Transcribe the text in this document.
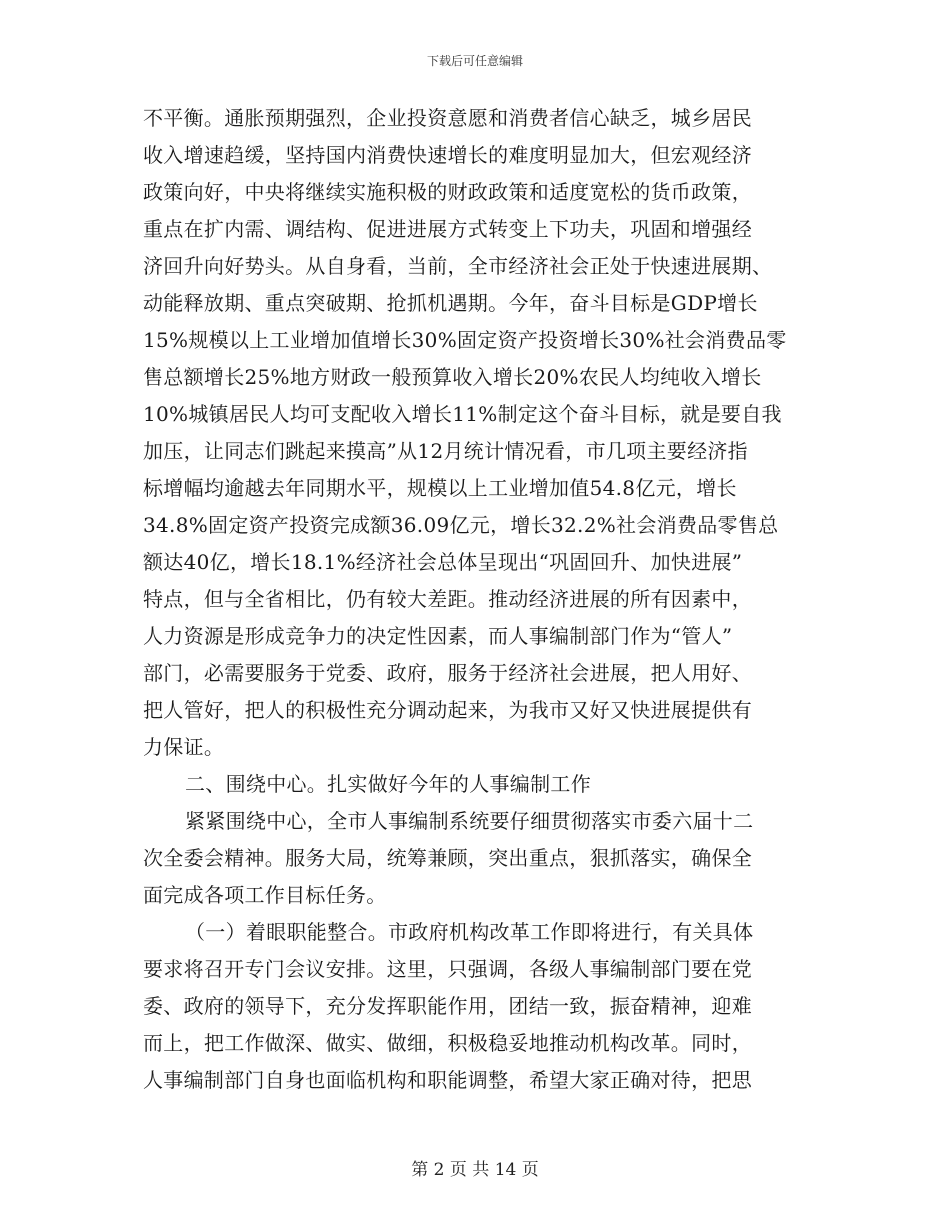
下载后可任意编辑
不平衡。通胀预期强烈，企业投资意愿和消费者信心缺乏，城乡居民
收入增速趋缓，坚持国内消费快速增长的难度明显加大，但宏观经济
政策向好，中央将继续实施积极的财政政策和适度宽松的货币政策，
重点在扩内需、调结构、促进进展方式转变上下功夫，巩固和增强经
济回升向好势头。从自身看，当前，全市经济社会正处于快速进展期、
动能释放期、重点突破期、抢抓机遇期。今年，奋斗目标是GDP增长
15%规模以上工业增加值增长30%固定资产投资增长30%社会消费品零
售总额增长25%地方财政一般预算收入增长20%农民人均纯收入增长
10%城镇居民人均可支配收入增长11%制定这个奋斗目标，就是要自我
加压，让同志们跳起来摸高”从12月统计情况看，市几项主要经济指
标增幅均逾越去年同期水平，规模以上工业增加值54.8亿元，增长
34.8%固定资产投资完成额36.09亿元，增长32.2%社会消费品零售总
额达40亿，增长18.1%经济社会总体呈现出“巩固回升、加快进展”
特点，但与全省相比，仍有较大差距。推动经济进展的所有因素中，
人力资源是形成竞争力的决定性因素，而人事编制部门作为“管人”
部门，必需要服务于党委、政府，服务于经济社会进展，把人用好、
把人管好，把人的积极性充分调动起来，为我市又好又快进展提供有
力保证。
二、围绕中心。扎实做好今年的人事编制工作
紧紧围绕中心，全市人事编制系统要仔细贯彻落实市委六届十二
次全委会精神。服务大局，统筹兼顾，突出重点，狠抓落实，确保全
面完成各项工作目标任务。
（一）着眼职能整合。市政府机构改革工作即将进行，有关具体
要求将召开专门会议安排。这里，只强调，各级人事编制部门要在党
委、政府的领导下，充分发挥职能作用，团结一致，振奋精神，迎难
而上，把工作做深、做实、做细，积极稳妥地推动机构改革。同时，
人事编制部门自身也面临机构和职能调整，希望大家正确对待，把思
第 2 页 共 14 页
